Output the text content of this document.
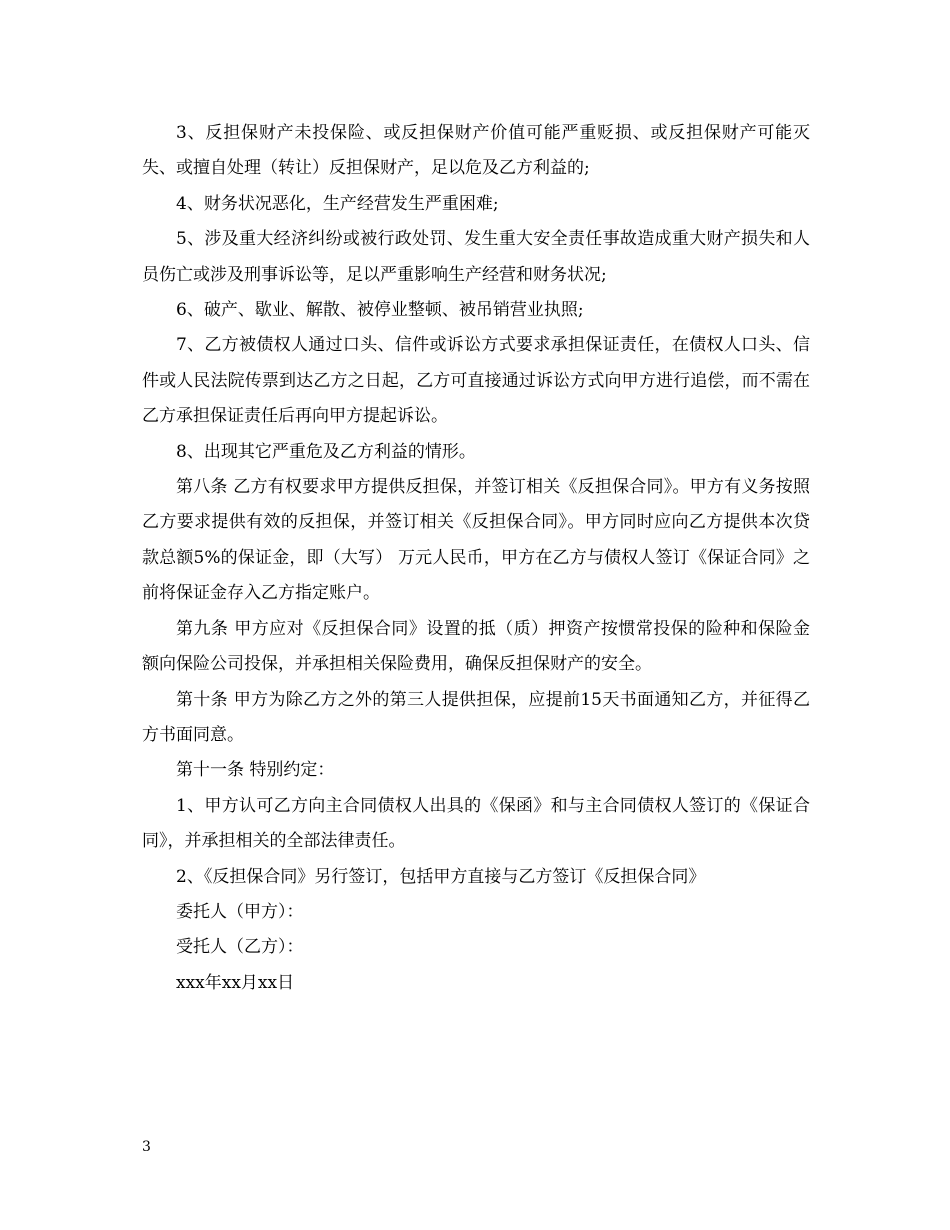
3、反担保财产未投保险、或反担保财产价值可能严重贬损、或反担保财产可能灭失、或擅自处理（转让）反担保财产，足以危及乙方利益的;

4、财务状况恶化，生产经营发生严重困难;

5、涉及重大经济纠纷或被行政处罚、发生重大安全责任事故造成重大财产损失和人员伤亡或涉及刑事诉讼等，足以严重影响生产经营和财务状况;

6、破产、歇业、解散、被停业整顿、被吊销营业执照;

7、乙方被债权人通过口头、信件或诉讼方式要求承担保证责任，在债权人口头、信件或人民法院传票到达乙方之日起，乙方可直接通过诉讼方式向甲方进行追偿，而不需在乙方承担保证责任后再向甲方提起诉讼。

8、出现其它严重危及乙方利益的情形。

第八条 乙方有权要求甲方提供反担保，并签订相关《反担保合同》。甲方有义务按照乙方要求提供有效的反担保，并签订相关《反担保合同》。甲方同时应向乙方提供本次贷款总额5%的保证金，即（大写） 万元人民币，甲方在乙方与债权人签订《保证合同》之前将保证金存入乙方指定账户。

第九条 甲方应对《反担保合同》设置的抵（质）押资产按惯常投保的险种和保险金额向保险公司投保，并承担相关保险费用，确保反担保财产的安全。

第十条 甲方为除乙方之外的第三人提供担保，应提前15天书面通知乙方，并征得乙方书面同意。

第十一条 特别约定：

1、甲方认可乙方向主合同债权人出具的《保函》和与主合同债权人签订的《保证合同》，并承担相关的全部法律责任。

2、《反担保合同》另行签订，包括甲方直接与乙方签订《反担保合同》

委托人（甲方）：

受托人（乙方）：

xxx年xx月xx日

3
